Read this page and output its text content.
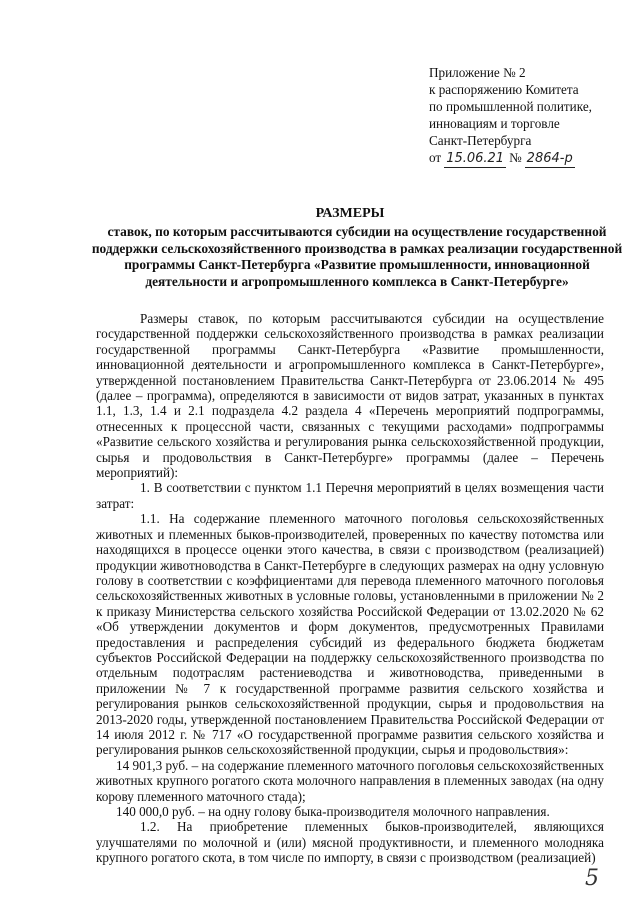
Приложение № 2
к распоряжению Комитета
по промышленной политике,
инновациям и торговле
Санкт-Петербурга
от 15.06.21 № 2864-р
РАЗМЕРЫ
ставок, по которым рассчитываются субсидии на осуществление государственной поддержки сельскохозяйственного производства в рамках реализации государственной программы Санкт-Петербурга «Развитие промышленности, инновационной деятельности и агропромышленного комплекса в Санкт-Петербурге»

Размеры ставок, по которым рассчитываются субсидии на осуществление государственной поддержки сельскохозяйственного производства в рамках реализации государственной программы Санкт-Петербурга «Развитие промышленности, инновационной деятельности и агропромышленного комплекса в Санкт-Петербурге», утвержденной постановлением Правительства Санкт-Петербурга от 23.06.2014 № 495 (далее – программа), определяются в зависимости от видов затрат, указанных в пунктах 1.1, 1.3, 1.4 и 2.1 подраздела 4.2 раздела 4 «Перечень мероприятий подпрограммы, отнесенных к процессной части, связанных с текущими расходами» подпрограммы «Развитие сельского хозяйства и регулирования рынка сельскохозяйственной продукции, сырья и продовольствия в Санкт-Петербурге» программы (далее – Перечень мероприятий):

1. В соответствии с пунктом 1.1 Перечня мероприятий в целях возмещения части затрат:

1.1. На содержание племенного маточного поголовья сельскохозяйственных животных и племенных быков-производителей, проверенных по качеству потомства или находящихся в процессе оценки этого качества, в связи с производством (реализацией) продукции животноводства в Санкт-Петербурге в следующих размерах на одну условную голову в соответствии с коэффициентами для перевода племенного маточного поголовья сельскохозяйственных животных в условные головы, установленными в приложении № 2 к приказу Министерства сельского хозяйства Российской Федерации от 13.02.2020 № 62 «Об утверждении документов и форм документов, предусмотренных Правилами предоставления и распределения субсидий из федерального бюджета бюджетам субъектов Российской Федерации на поддержку сельскохозяйственного производства по отдельным подотраслям растениеводства и животноводства, приведенными в приложении № 7 к государственной программе развития сельского хозяйства и регулирования рынков сельскохозяйственной продукции, сырья и продовольствия на 2013-2020 годы, утвержденной постановлением Правительства Российской Федерации от 14 июля 2012 г. № 717 «О государственной программе развития сельского хозяйства и регулирования рынков сельскохозяйственной продукции, сырья и продовольствия»:

14 901,3 руб. – на содержание племенного маточного поголовья сельскохозяйственных животных крупного рогатого скота молочного направления в племенных заводах (на одну корову племенного маточного стада);

140 000,0 руб. – на одну голову быка-производителя молочного направления.

1.2. На приобретение племенных быков-производителей, являющихся улучшателями по молочной и (или) мясной продуктивности, и племенного молодняка крупного рогатого скота, в том числе по импорту, в связи с производством (реализацией)

5
